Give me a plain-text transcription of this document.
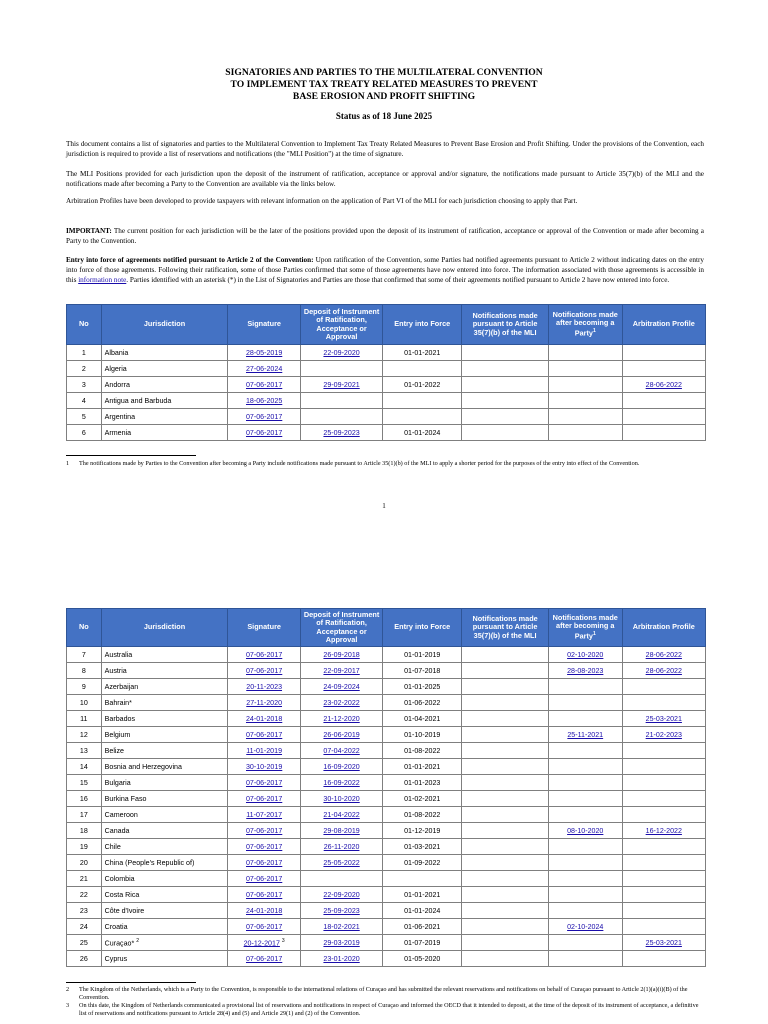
SIGNATORIES AND PARTIES TO THE MULTILATERAL CONVENTION
TO IMPLEMENT TAX TREATY RELATED MEASURES TO PREVENT
BASE EROSION AND PROFIT SHIFTING
Status as of 18 June 2025

This document contains a list of signatories and parties to the Multilateral Convention to Implement Tax Treaty Related Measures to Prevent Base Erosion and Profit Shifting. Under the provisions of the Convention, each jurisdiction is required to provide a list of reservations and notifications (the "MLI Position") at the time of signature.

The MLI Positions provided for each jurisdiction upon the deposit of the instrument of ratification, acceptance or approval and/or signature, the notifications made pursuant to Article 35(7)(b) of the MLI and the notifications made after becoming a Party to the Convention are available via the links below.

Arbitration Profiles have been developed to provide taxpayers with relevant information on the application of Part VI of the MLI for each jurisdiction choosing to apply that Part.

IMPORTANT: The current position for each jurisdiction will be the later of the positions provided upon the deposit of its instrument of ratification, acceptance or approval of the Convention or made after becoming a Party to the Convention.

Entry into force of agreements notified pursuant to Article 2 of the Convention: Upon ratification of the Convention, some Parties had notified agreements pursuant to Article 2 without indicating dates on the entry into force of those agreements. Following their ratification, some of those Parties confirmed that some of those agreements have now entered into force. The information associated with those agreements is accessible in this information note. Parties identified with an asterisk (*) in the List of Signatories and Parties are those that confirmed that some of their agreements notified pursuant to Article 2 have now entered into force.

No	Jurisdiction	Signature	Deposit of Instrument of Ratification, Acceptance or Approval	Entry into Force	Notifications made pursuant to Article 35(7)(b) of the MLI	Notifications made after becoming a Party$^1$	Arbitration Profile
1	Albania	28-05-2019	22-09-2020	01-01-2021			
2	Algeria	27-06-2024					
3	Andorra	07-06-2017	29-09-2021	01-01-2022			28-06-2022
4	Antigua and Barbuda	18-06-2025					
5	Argentina	07-06-2017					
6	Armenia	07-06-2017	25-09-2023	01-01-2024			
1	The notifications made by Parties to the Convention after becoming a Party include notifications made pursuant to Article 35(1)(b) of the MLI to apply a shorter period for the purposes of the entry into effect of the Convention.
1
No	Jurisdiction	Signature	Deposit of Instrument of Ratification, Acceptance or Approval	Entry into Force	Notifications made pursuant to Article 35(7)(b) of the MLI	Notifications made after becoming a Party$^1$	Arbitration Profile
7	Australia	07-06-2017	26-09-2018	01-01-2019		02-10-2020	28-06-2022
8	Austria	07-06-2017	22-09-2017	01-07-2018		28-08-2023	28-06-2022
9	Azerbaijan	20-11-2023	24-09-2024	01-01-2025			
10	Bahrain*	27-11-2020	23-02-2022	01-06-2022			
11	Barbados	24-01-2018	21-12-2020	01-04-2021			25-03-2021
12	Belgium	07-06-2017	26-06-2019	01-10-2019		25-11-2021	21-02-2023
13	Belize	11-01-2019	07-04-2022	01-08-2022			
14	Bosnia and Herzegovina	30-10-2019	16-09-2020	01-01-2021			
15	Bulgaria	07-06-2017	16-09-2022	01-01-2023			
16	Burkina Faso	07-06-2017	30-10-2020	01-02-2021			
17	Cameroon	11-07-2017	21-04-2022	01-08-2022			
18	Canada	07-06-2017	29-08-2019	01-12-2019		08-10-2020	16-12-2022
19	Chile	07-06-2017	26-11-2020	01-03-2021			
20	China (People's Republic of)	07-06-2017	25-05-2022	01-09-2022			
21	Colombia	07-06-2017					
22	Costa Rica	07-06-2017	22-09-2020	01-01-2021			
23	Côte d'Ivoire	24-01-2018	25-09-2023	01-01-2024			
24	Croatia	07-06-2017	18-02-2021	01-06-2021		02-10-2024	
25	Curaçao* $^2$	20-12-2017 $^3$	29-03-2019	01-07-2019			25-03-2021
26	Cyprus	07-06-2017	23-01-2020	01-05-2020			
2	The Kingdom of the Netherlands, which is a Party to the Convention, is responsible to the international relations of Curaçao and has submitted the relevant reservations and notifications on behalf of Curaçao pursuant to Article 2(1)(a)(i)(B) of the Convention.
3	On this date, the Kingdom of Netherlands communicated a provisional list of reservations and notifications in respect of Curaçao and informed the OECD that it intended to deposit, at the time of the deposit of its instrument of acceptance, a definitive list of reservations and notifications pursuant to Article 28(4) and (5) and Article 29(1) and (2) of the Convention.
